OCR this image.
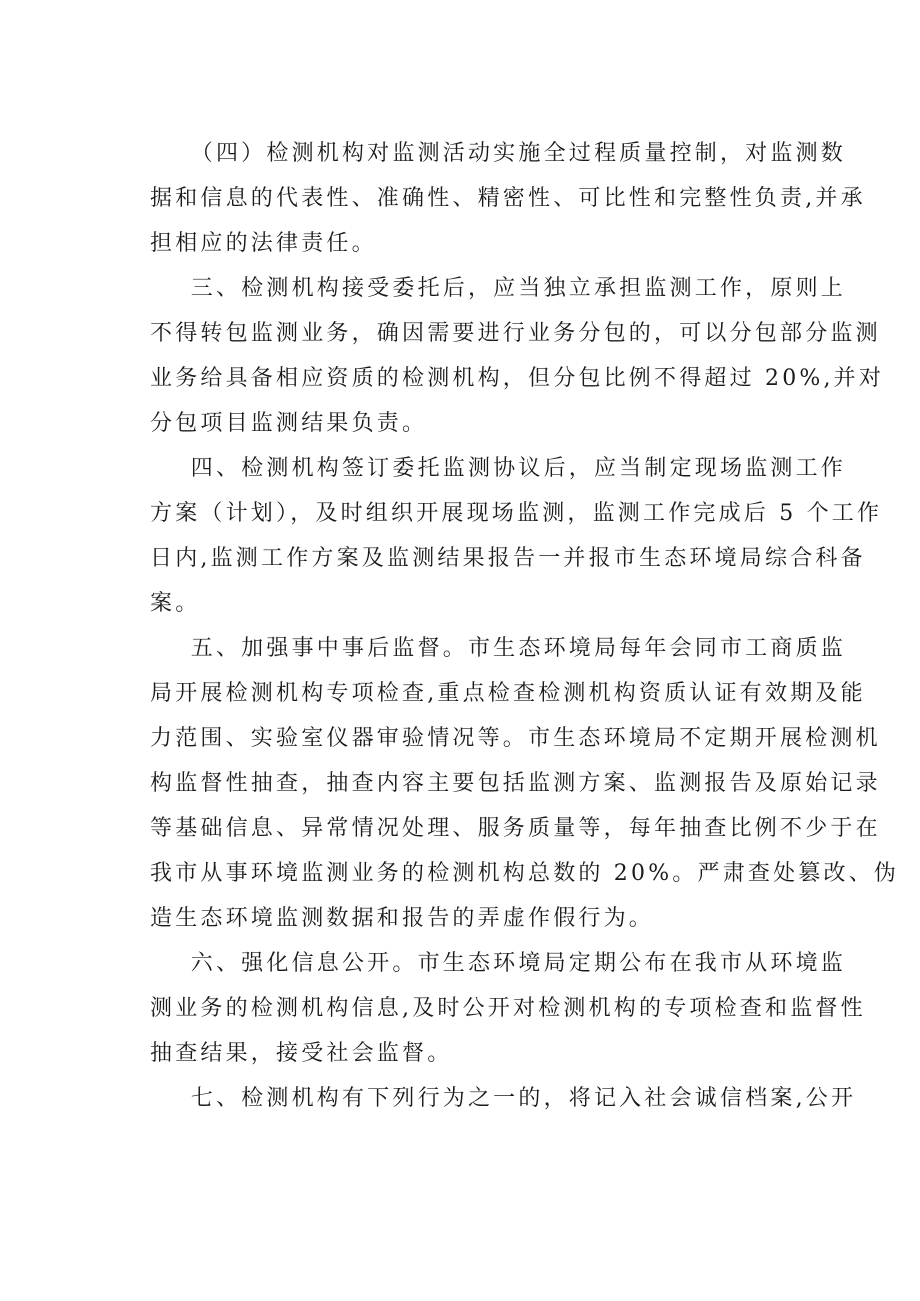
（四）检测机构对监测活动实施全过程质量控制，对监测数
据和信息的代表性、准确性、精密性、可比性和完整性负责,并承
担相应的法律责任。
三、检测机构接受委托后，应当独立承担监测工作，原则上
不得转包监测业务，确因需要进行业务分包的，可以分包部分监测
业务给具备相应资质的检测机构，但分包比例不得超过 20%,并对
分包项目监测结果负责。
四、检测机构签订委托监测协议后，应当制定现场监测工作
方案（计划），及时组织开展现场监测，监测工作完成后 5 个工作
日内,监测工作方案及监测结果报告一并报市生态环境局综合科备
案。
五、加强事中事后监督。市生态环境局每年会同市工商质监
局开展检测机构专项检查,重点检查检测机构资质认证有效期及能
力范围、实验室仪器审验情况等。市生态环境局不定期开展检测机
构监督性抽查，抽查内容主要包括监测方案、监测报告及原始记录
等基础信息、异常情况处理、服务质量等，每年抽查比例不少于在
我市从事环境监测业务的检测机构总数的 20%。严肃查处篡改、伪
造生态环境监测数据和报告的弄虚作假行为。
六、强化信息公开。市生态环境局定期公布在我市从环境监
测业务的检测机构信息,及时公开对检测机构的专项检查和监督性
抽查结果，接受社会监督。
七、检测机构有下列行为之一的，将记入社会诚信档案,公开
